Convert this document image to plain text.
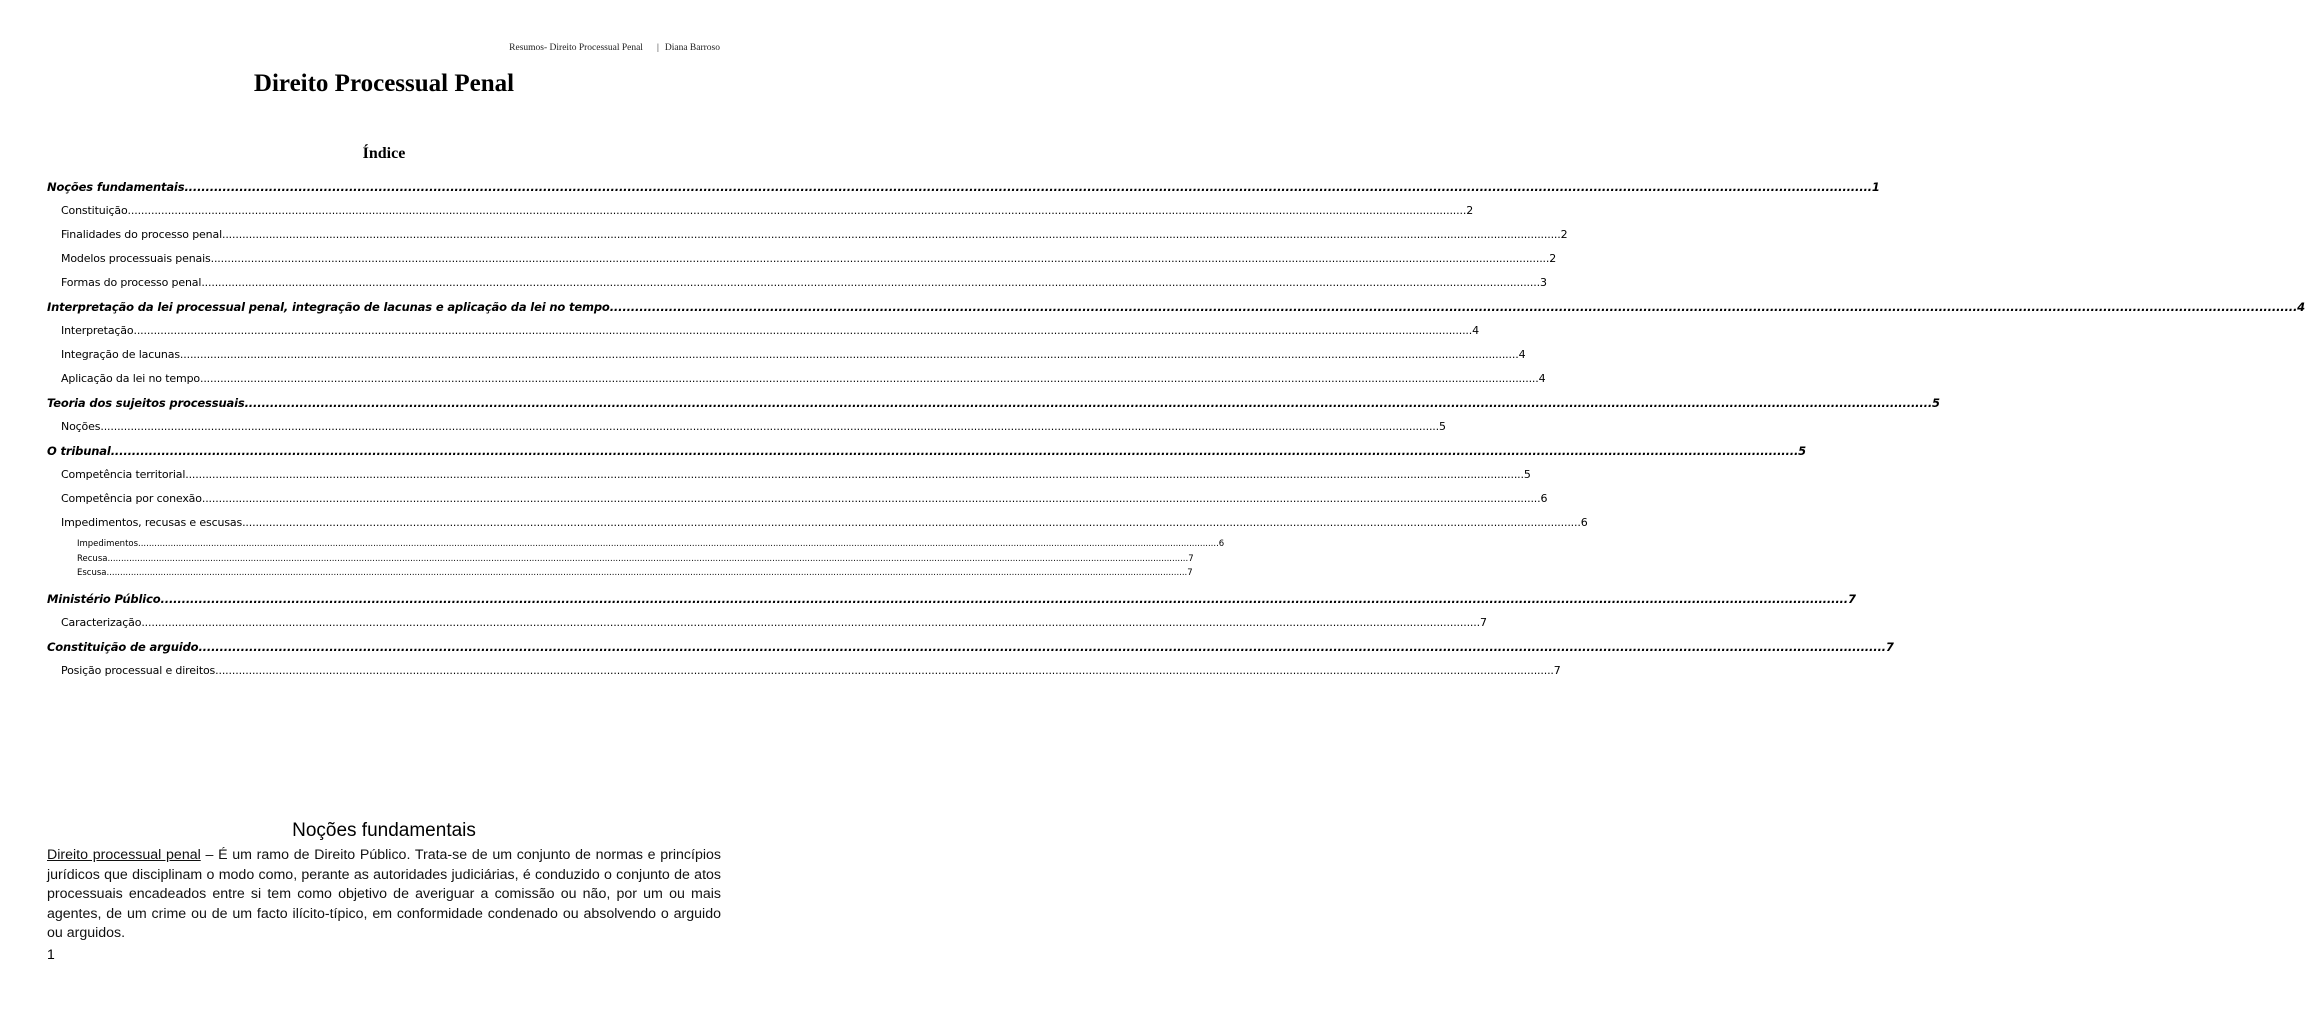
Resumos- Direito Processual Penal | Diana Barroso
Direito Processual Penal
Índice
Noções fundamentais ................................................................................................................................................................................................................................................................................................................................................................................................................ 1
Constituição ................................................................................................................................................................................................................................................................................................................................................................................................................ 2
Finalidades do processo penal ................................................................................................................................................................................................................................................................................................................................................................................................................ 2
Modelos processuais penais ................................................................................................................................................................................................................................................................................................................................................................................................................ 2
Formas do processo penal ................................................................................................................................................................................................................................................................................................................................................................................................................ 3
Interpretação da lei processual penal, integração de lacunas e aplicação da lei no tempo ................................................................................................................................................................................................................................................................................................................................................................................................................ 4
Interpretação ................................................................................................................................................................................................................................................................................................................................................................................................................ 4
Integração de lacunas ................................................................................................................................................................................................................................................................................................................................................................................................................ 4
Aplicação da lei no tempo ................................................................................................................................................................................................................................................................................................................................................................................................................ 4
Teoria dos sujeitos processuais ................................................................................................................................................................................................................................................................................................................................................................................................................ 5
Noções ................................................................................................................................................................................................................................................................................................................................................................................................................ 5
O tribunal ................................................................................................................................................................................................................................................................................................................................................................................................................ 5
Competência territorial ................................................................................................................................................................................................................................................................................................................................................................................................................ 5
Competência por conexão ................................................................................................................................................................................................................................................................................................................................................................................................................ 6
Impedimentos, recusas e escusas ................................................................................................................................................................................................................................................................................................................................................................................................................ 6
Impedimentos ................................................................................................................................................................................................................................................................................................................................................................................................................ 6
Recusa ................................................................................................................................................................................................................................................................................................................................................................................................................ 7
Escusa ................................................................................................................................................................................................................................................................................................................................................................................................................ 7
Ministério Público ................................................................................................................................................................................................................................................................................................................................................................................................................ 7
Caracterização ................................................................................................................................................................................................................................................................................................................................................................................................................ 7
Constituição de arguido ................................................................................................................................................................................................................................................................................................................................................................................................................ 7
Posição processual e direitos ................................................................................................................................................................................................................................................................................................................................................................................................................ 7
Noções fundamentais
Direito processual penal – É um ramo de Direito Público. Trata-se de um conjunto de normas e princípios jurídicos que disciplinam o modo como, perante as autoridades judiciárias, é conduzido o conjunto de atos processuais encadeados entre si tem como objetivo de averiguar a comissão ou não, por um ou mais agentes, de um crime ou de um facto ilícito-típico, em conformidade condenado ou absolvendo o arguido ou arguidos.
1
